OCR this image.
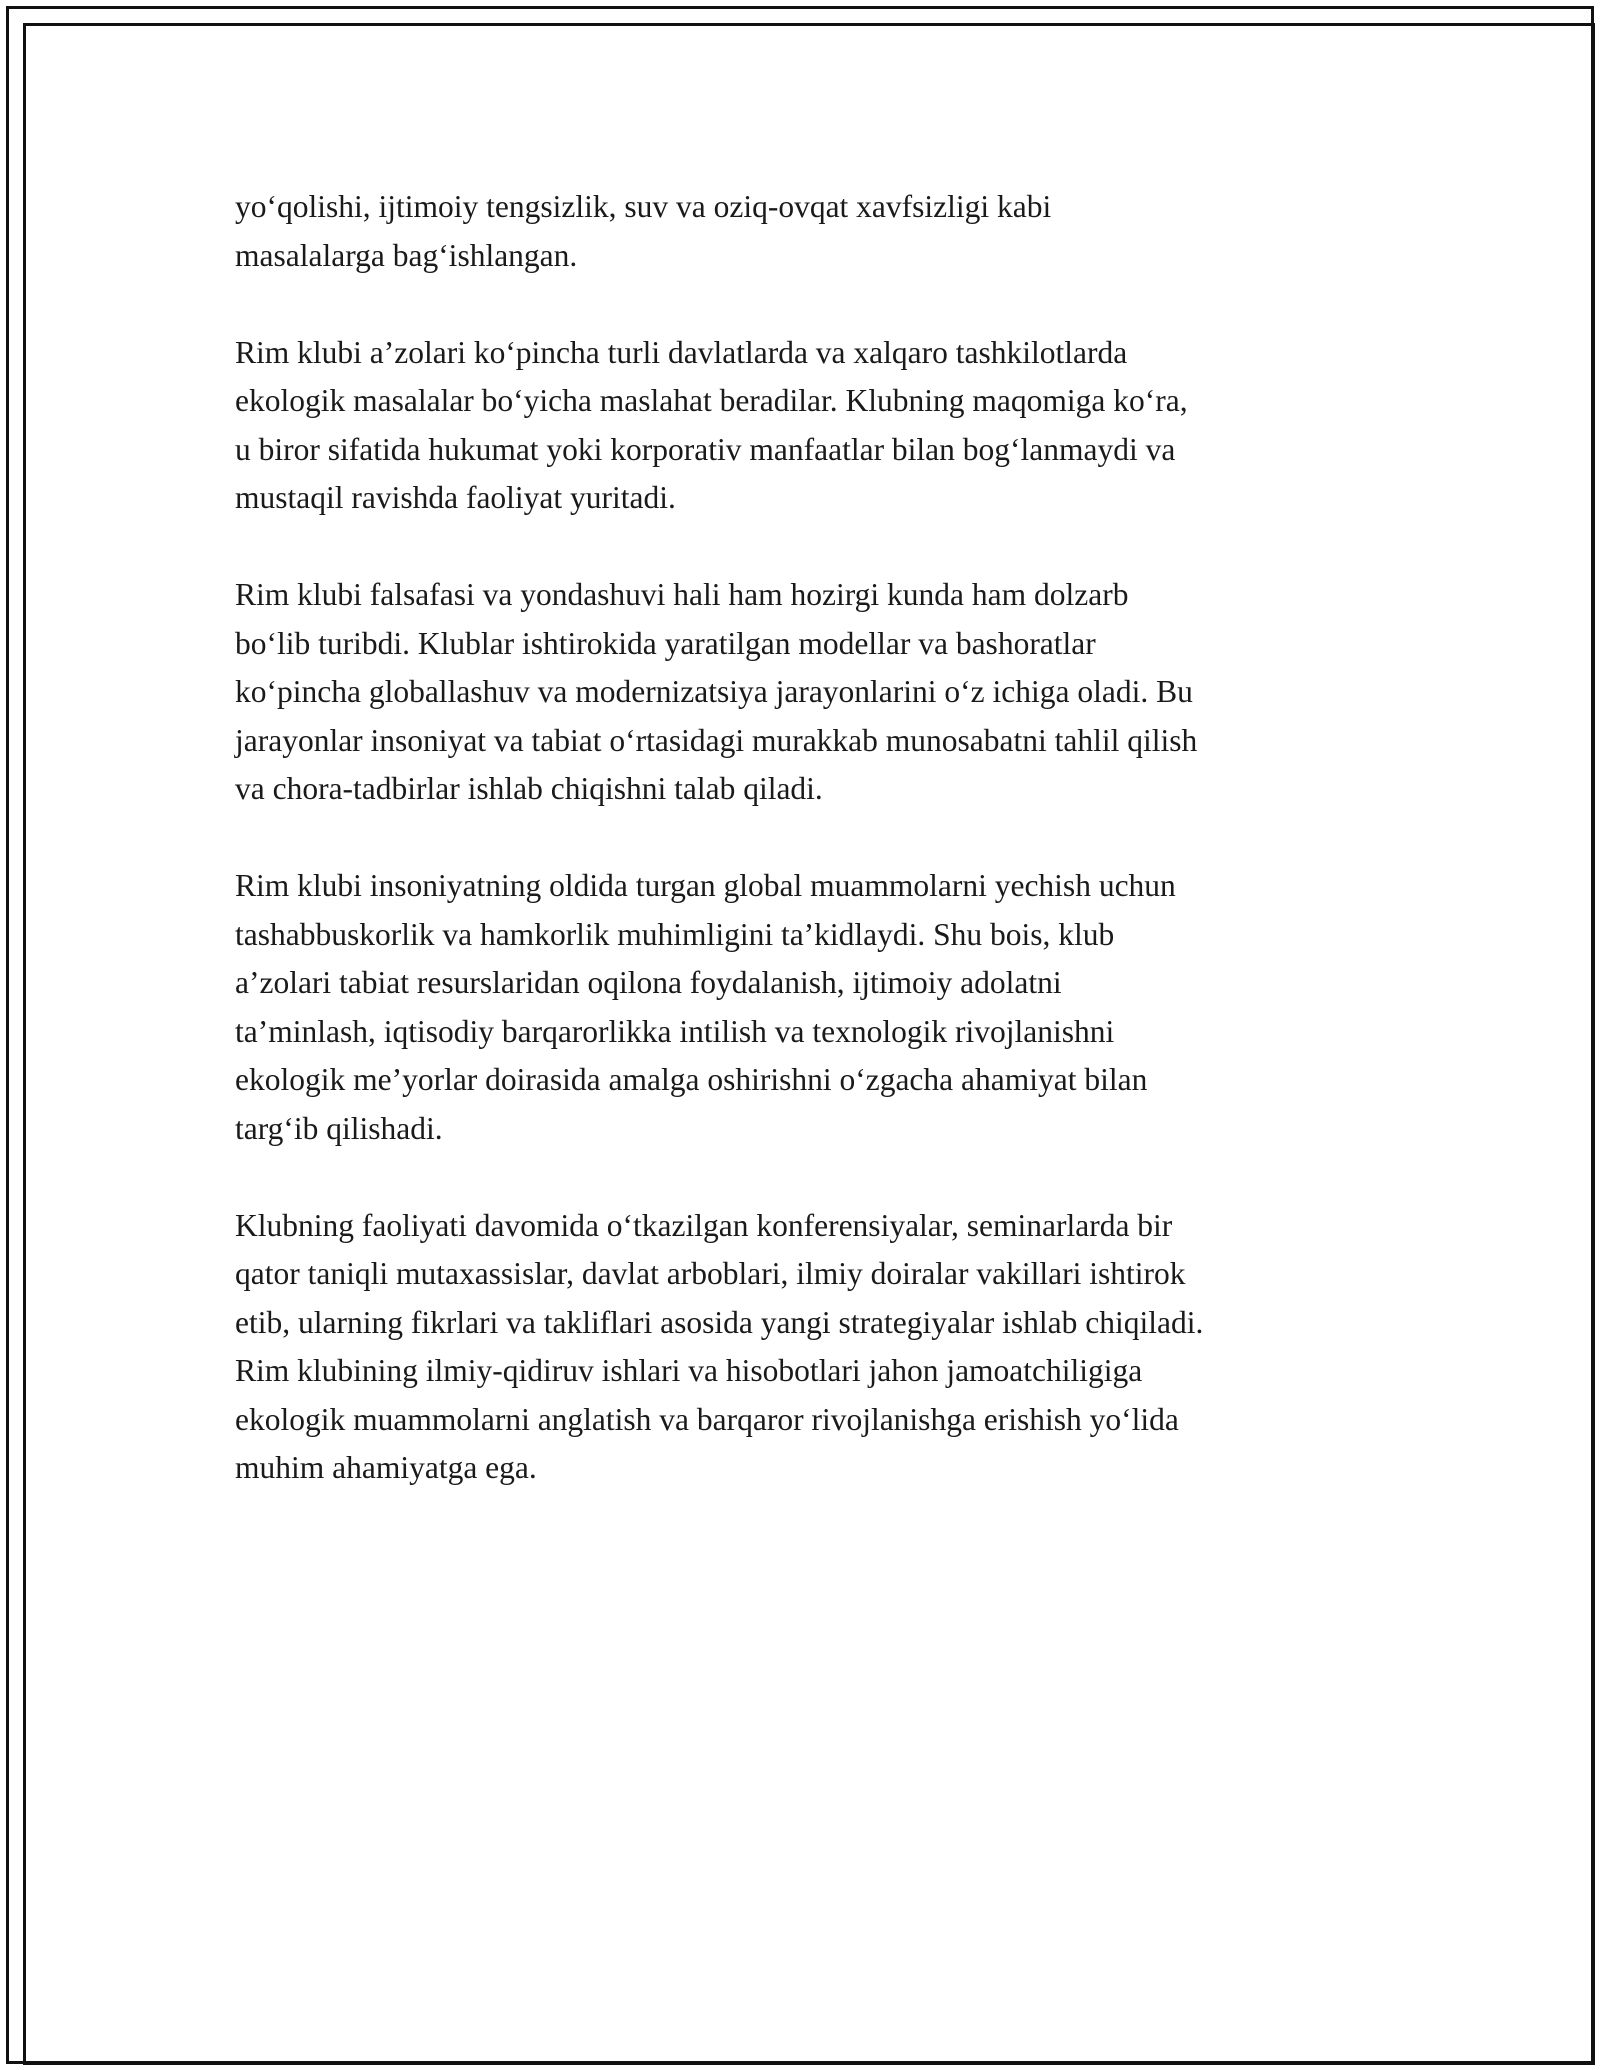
yo‘qolishi, ijtimoiy tengsizlik, suv va oziq-ovqat xavfsizligi kabi
masalalarga bag‘ishlangan.

Rim klubi a’zolari ko‘pincha turli davlatlarda va xalqaro tashkilotlarda
ekologik masalalar bo‘yicha maslahat beradilar. Klubning maqomiga ko‘ra,
u biror sifatida hukumat yoki korporativ manfaatlar bilan bog‘lanmaydi va
mustaqil ravishda faoliyat yuritadi.

Rim klubi falsafasi va yondashuvi hali ham hozirgi kunda ham dolzarb
bo‘lib turibdi. Klublar ishtirokida yaratilgan modellar va bashoratlar
ko‘pincha globallashuv va modernizatsiya jarayonlarini o‘z ichiga oladi. Bu
jarayonlar insoniyat va tabiat o‘rtasidagi murakkab munosabatni tahlil qilish
va chora-tadbirlar ishlab chiqishni talab qiladi.

Rim klubi insoniyatning oldida turgan global muammolarni yechish uchun
tashabbuskorlik va hamkorlik muhimligini ta’kidlaydi. Shu bois, klub
a’zolari tabiat resurslaridan oqilona foydalanish, ijtimoiy adolatni
ta’minlash, iqtisodiy barqarorlikka intilish va texnologik rivojlanishni
ekologik me’yorlar doirasida amalga oshirishni o‘zgacha ahamiyat bilan
targ‘ib qilishadi.

Klubning faoliyati davomida o‘tkazilgan konferensiyalar, seminarlarda bir
qator taniqli mutaxassislar, davlat arboblari, ilmiy doiralar vakillari ishtirok
etib, ularning fikrlari va takliflari asosida yangi strategiyalar ishlab chiqiladi.
Rim klubining ilmiy-qidiruv ishlari va hisobotlari jahon jamoatchiligiga
ekologik muammolarni anglatish va barqaror rivojlanishga erishish yo‘lida
muhim ahamiyatga ega.
